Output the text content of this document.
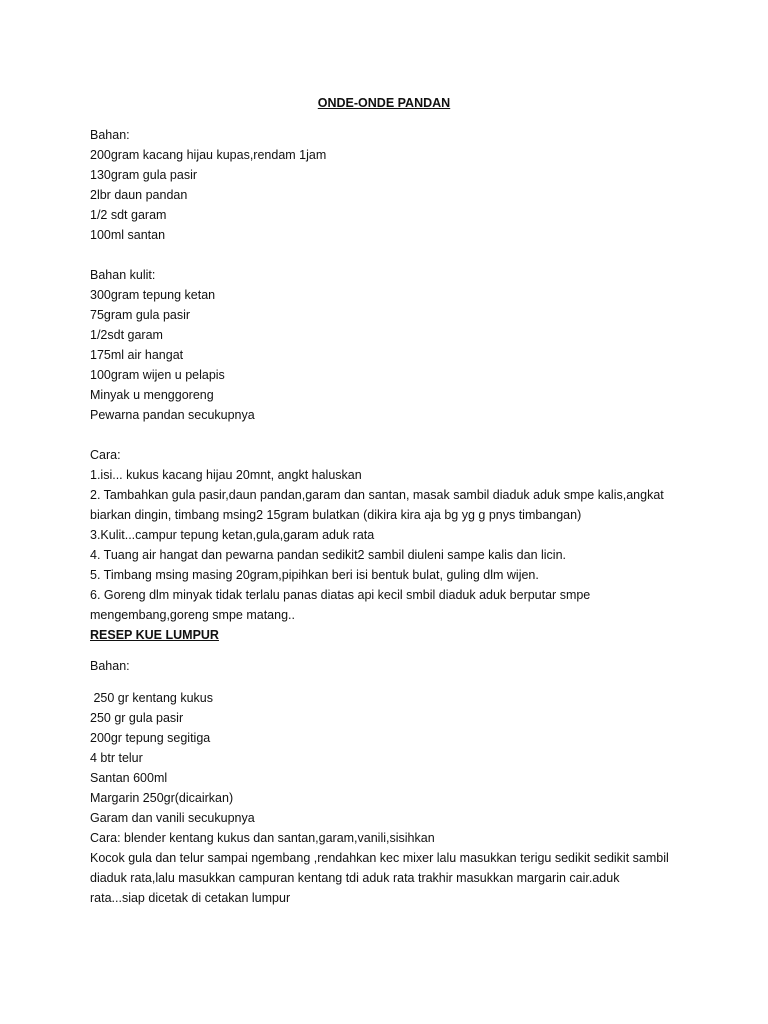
ONDE-ONDE PANDAN
Bahan:
200gram kacang hijau kupas,rendam 1jam
130gram gula pasir
2lbr daun pandan
1/2 sdt garam
100ml santan
Bahan kulit:
300gram tepung ketan
75gram gula pasir
1/2sdt garam
175ml air hangat
100gram wijen u pelapis
Minyak u menggoreng
Pewarna pandan secukupnya
Cara:
1.isi... kukus kacang hijau 20mnt, angkt haluskan
2. Tambahkan gula pasir,daun pandan,garam dan santan, masak sambil diaduk aduk smpe kalis,angkat
biarkan dingin, timbang msing2 15gram bulatkan (dikira kira aja bg yg g pnys timbangan)
3.Kulit...campur tepung ketan,gula,garam aduk rata
4. Tuang air hangat dan pewarna pandan sedikit2 sambil diuleni sampe kalis dan licin.
5. Timbang msing masing 20gram,pipihkan beri isi bentuk bulat, guling dlm wijen.
6. Goreng dlm minyak tidak terlalu panas diatas api kecil smbil diaduk aduk berputar smpe
mengembang,goreng smpe matang..
RESEP KUE LUMPUR
Bahan:
250 gr kentang kukus
250 gr gula pasir
200gr tepung segitiga
4 btr telur
Santan 600ml
Margarin 250gr(dicairkan)
Garam dan vanili secukupnya
Cara: blender kentang kukus dan santan,garam,vanili,sisihkan
Kocok gula dan telur sampai ngembang ,rendahkan kec mixer lalu masukkan terigu sedikit sedikit sambil
diaduk rata,lalu masukkan campuran kentang tdi aduk rata trakhir masukkan margarin cair.aduk
rata...siap dicetak di cetakan lumpur
